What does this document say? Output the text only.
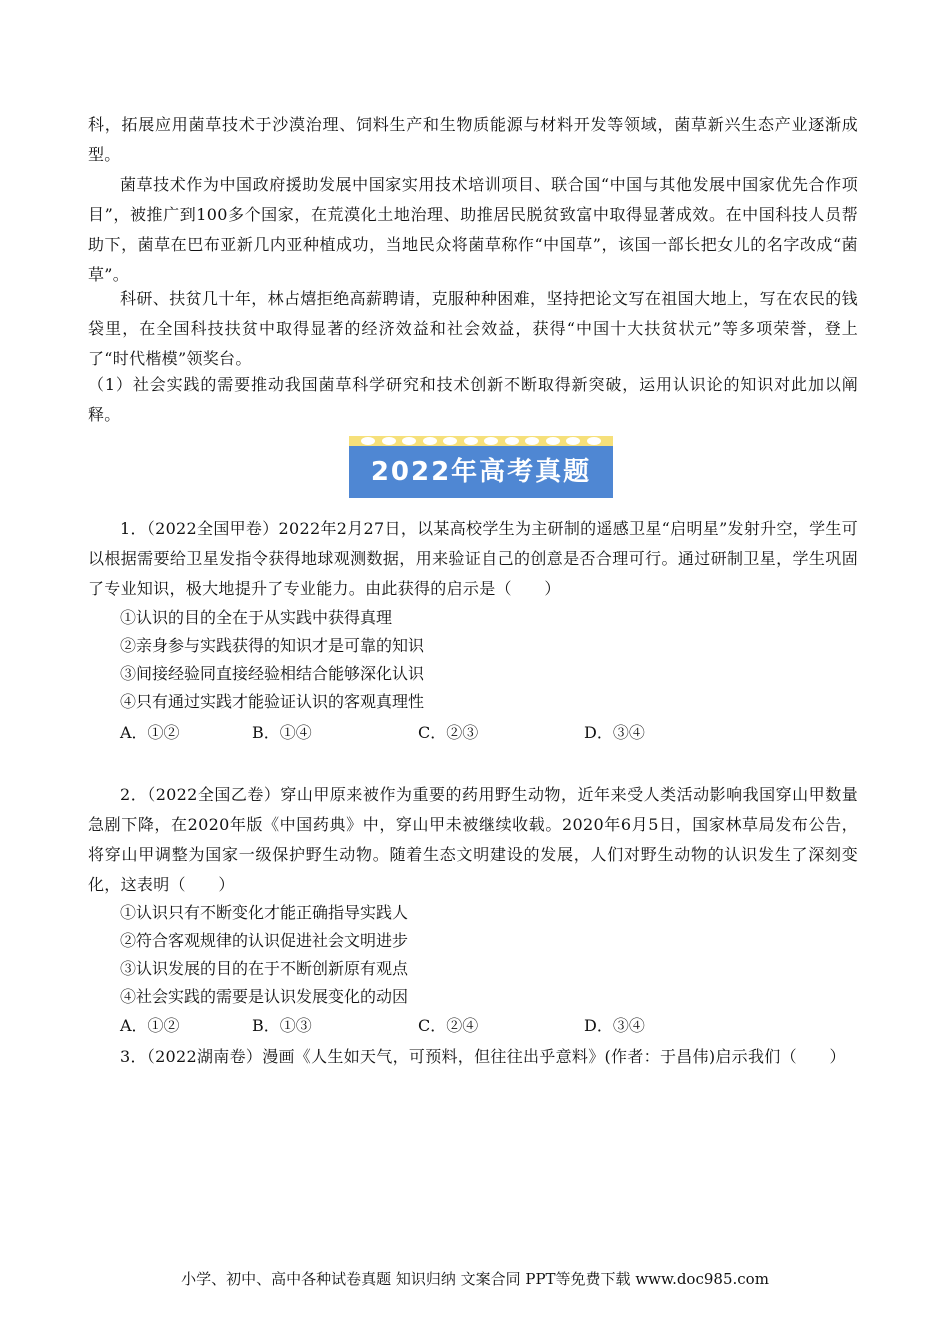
科，拓展应用菌草技术于沙漠治理、饲料生产和生物质能源与材料开发等领域，菌草新兴生态产业逐渐成型。

菌草技术作为中国政府援助发展中国家实用技术培训项目、联合国“中国与其他发展中国家优先合作项目”，被推广到100多个国家，在荒漠化土地治理、助推居民脱贫致富中取得显著成效。在中国科技人员帮助下，菌草在巴布亚新几内亚种植成功，当地民众将菌草称作“中国草”，该国一部长把女儿的名字改成“菌草”。

科研、扶贫几十年，林占熺拒绝高薪聘请，克服种种困难，坚持把论文写在祖国大地上，写在农民的钱袋里，在全国科技扶贫中取得显著的经济效益和社会效益，获得“中国十大扶贫状元”等多项荣誉，登上了“时代楷模”领奖台。

（1）社会实践的需要推动我国菌草科学研究和技术创新不断取得新突破，运用认识论的知识对此加以阐释。

2022年高考真题

1．（2022全国甲卷）2022年2月27日，以某高校学生为主研制的遥感卫星“启明星”发射升空，学生可以根据需要给卫星发指令获得地球观测数据，用来验证自己的创意是否合理可行。通过研制卫星，学生巩固了专业知识，极大地提升了专业能力。由此获得的启示是（　　）

①认识的目的全在于从实践中获得真理

②亲身参与实践获得的知识才是可靠的知识

③间接经验同直接经验相结合能够深化认识

④只有通过实践才能验证认识的客观真理性

A．①②	B．①④	C．②③	D．③④

2．（2022全国乙卷）穿山甲原来被作为重要的药用野生动物，近年来受人类活动影响我国穿山甲数量急剧下降，在2020年版《中国药典》中，穿山甲未被继续收载。2020年6月5日，国家林草局发布公告，将穿山甲调整为国家一级保护野生动物。随着生态文明建设的发展，人们对野生动物的认识发生了深刻变化，这表明（　　）

①认识只有不断变化才能正确指导实践人

②符合客观规律的认识促进社会文明进步

③认识发展的目的在于不断创新原有观点

④社会实践的需要是认识发展变化的动因

A．①②	B．①③	C．②④	D．③④

3．（2022湖南卷）漫画《人生如天气，可预料，但往往出乎意料》(作者：于昌伟)启示我们（　　）

小学、初中、高中各种试卷真题 知识归纳 文案合同 PPT等免费下载 www.doc985.com
